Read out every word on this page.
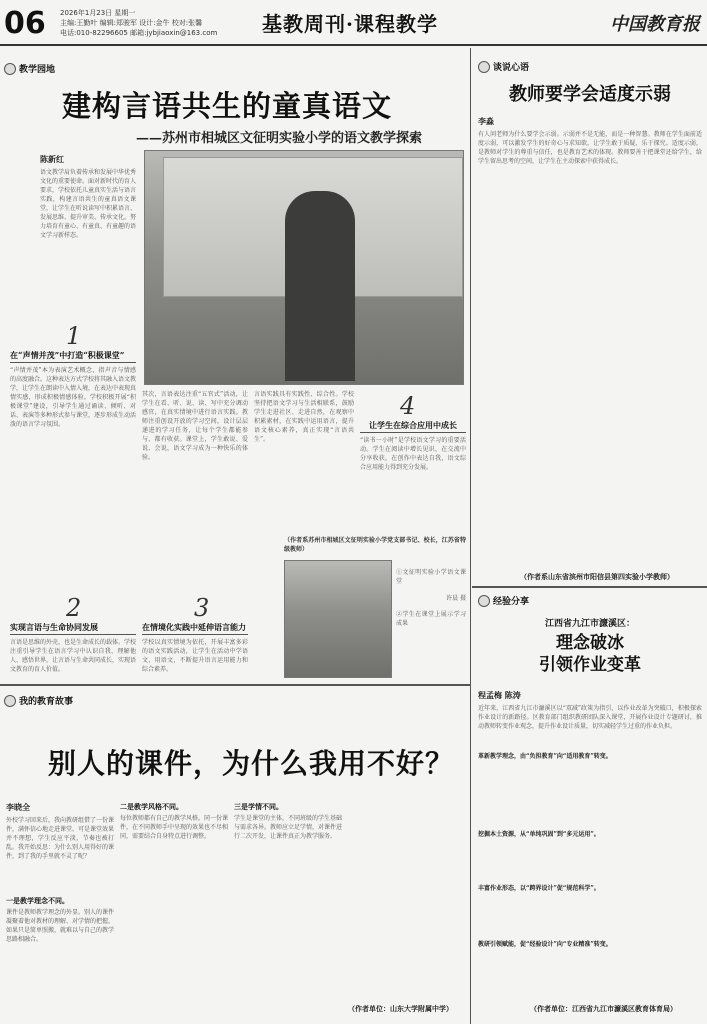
06 2026年1月23日 星期一
主编:王勤叶 编辑:郑骏军 设计:金牛 校对:张馨
电话:010-82296605 邮箱:jybjiaoxin@163.com	基教周刊·课程教学	中国教育报
教学园地
建构言语共生的童真语文
——苏州市相城区文征明实验小学的语文教学探索
陈新红
语文教学肩负着传承和发展中华优秀文化的重要使命。面对新时代的育人要求，学校依托儿童真实生活与语言实践，构建言语共生的童真语文课堂，让学生在听说读写中积累语言、发展思维、提升审美、传承文化，努力培育有童心、有童真、有童趣的语文学习新样态。
1
在“声情并茂”中打造“积极课堂”
“声情并茂”本为表演艺术概念，指声音与情感的高度融合。这种表达方式学校将其融入语文教学，让学生在朗读中入情入境，在表达中表现真情实感，形成积极情感体验。学校积极开展“积极课堂”建设，引导学生通过诵读、倾听、对话、表演等多种形式参与课堂，逐步形成生动活泼的语言学习氛围。
2
实现言语与生命协同发展
言语是思维的外壳，也是生命成长的载体。学校注重引导学生在语言学习中认识自我、理解他人、感悟世界，让言语与生命共同成长，实现语文教育的育人价值。
其次，言语表达注重“五官式”活动，让学生在看、听、说、读、写中充分调动感官，在真实情境中进行语言实践。教师注重创设开放的学习空间，设计层层递进的学习任务，让每个学生都能参与、都有收获。课堂上，学生敢说、爱说、会说，语文学习成为一种快乐的体验。
3
在情境化实践中延伸语言能力
学校以真实情境为依托，开展丰富多彩的语文实践活动，让学生在活动中学语文、用语文，不断提升语言运用能力和综合素养。
言语实践具有实践性、综合性。学校坚持把语文学习与生活相联系，鼓励学生走进社区、走进自然，在观察中积累素材，在实践中运用语言，提升语文核心素养，真正实现“言语共生”。
4
让学生在综合应用中成长
“读书一小时”是学校语文学习的重要活动。学生在阅读中增长见识，在交流中分享收获，在创作中表达自我，语文综合应用能力得到充分发展。
（作者系苏州市相城区文征明实验小学党支部书记、校长，江苏省特级教师）
①文征明实验小学语文课堂
许晨 摄
②学生在课堂上展示学习成果
我的教育故事
别人的课件，为什么我用不好？
李晓全
外校学习回来后，我向教研组借了一份课件，满怀信心地走进课堂。可是课堂效果并不理想，学生反应平淡，节奏也被打乱。我开始反思：为什么别人用得好的课件，到了我的手里就不灵了呢？
一是教学理念不同。
课件是教师教学理念的外显。别人的课件凝聚着他对教材的理解、对学情的把握，如果只是简单照搬，就难以与自己的教学思路相融合。
二是教学风格不同。
每位教师都有自己的教学风格。同一份课件，在不同教师手中呈现的效果也不尽相同，需要结合自身特点进行调整。
三是学情不同。
学生是课堂的主体，不同班级的学生基础与需求各异。教师应立足学情，对课件进行二次开发，让课件真正为教学服务。
（作者单位：山东大学附属中学）
谈说心语
教师要学会适度示弱
李淼
有人问老师为什么要学会示弱。示弱并不是无能，而是一种智慧。教师在学生面前适度示弱，可以激发学生的好奇心与求知欲，让学生敢于质疑、乐于探究。适度示弱，是教师对学生的尊重与信任，也是教育艺术的体现。教师要善于把课堂还给学生，给学生留出思考的空间，让学生在主动探索中获得成长。
（作者系山东省滨州市阳信县第四实验小学教师）
经验分享
江西省九江市濂溪区：
理念破冰
引领作业变革
程孟梅 陈涛
近年来，江西省九江市濂溪区以“双减”政策为指引，以作业改革为突破口，积极探索作业设计的新路径。区教育部门组织教研团队深入课堂，开展作业设计专题研讨，推动教师转变作业观念，提升作业设计质量，切实减轻学生过重的作业负担。
革新教学理念，由“负担教育”向“适用教育”转变。
挖掘本土资源，从“单纯巩固”到“多元运用”。
丰富作业形态，以“跨界设计”促“规范科学”。
教研引领赋能，促“经验设计”向“专业精准”转变。
（作者单位：江西省九江市濂溪区教育体育局）
